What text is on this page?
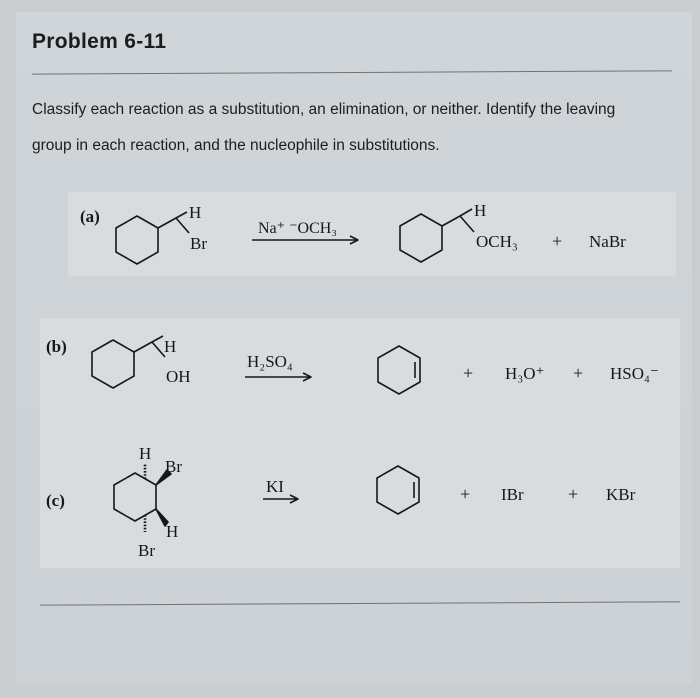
Problem 6-11
Classify each reaction as a substitution, an elimination, or neither. Identify the leaving
group in each reaction, and the nucleophile in substitutions.
(a)	H
Br
Na⁺ ⁻OCH₃
H
OCH₃ + NaBr
(b)	H
OH
H₂SO₄
+ H₃O⁺ + HSO₄⁻
(c)
H
Br
H
Br
KI	+ IBr + KBr
